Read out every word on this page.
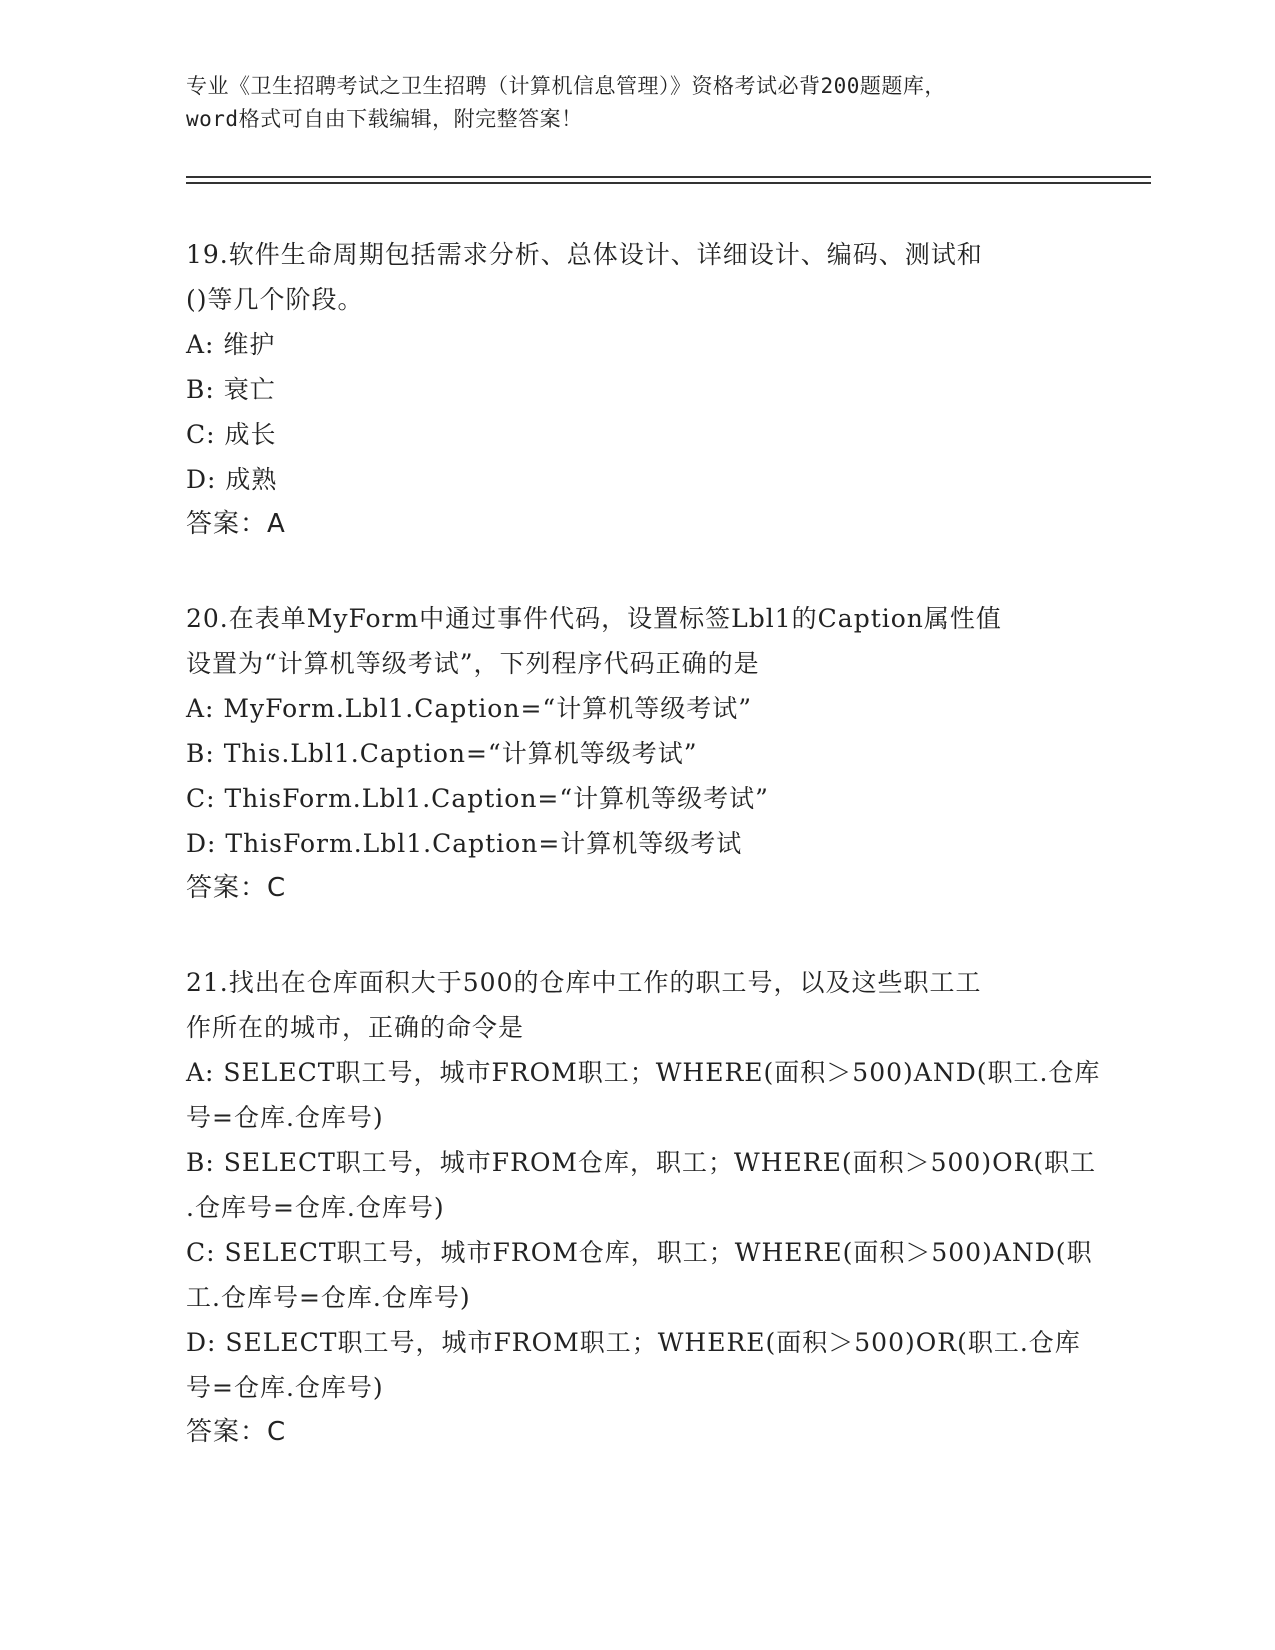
专业《卫生招聘考试之卫生招聘（计算机信息管理）》资格考试必背200题题库，
word格式可自由下载编辑，附完整答案！
19.软件生命周期包括需求分析、总体设计、详细设计、编码、测试和
()等几个阶段。
A: 维护
B: 衰亡
C: 成长
D: 成熟
答案：A
20.在表单MyForm中通过事件代码，设置标签Lbl1的Caption属性值
设置为“计算机等级考试”，下列程序代码正确的是
A: MyForm.Lbl1.Caption=“计算机等级考试”
B: This.Lbl1.Caption=“计算机等级考试”
C: ThisForm.Lbl1.Caption=“计算机等级考试”
D: ThisForm.Lbl1.Caption=计算机等级考试
答案：C
21.找出在仓库面积大于500的仓库中工作的职工号，以及这些职工工
作所在的城市，正确的命令是
A: SELECT职工号，城市FROM职工；WHERE(面积＞500)AND(职工.仓库
号=仓库.仓库号)
B: SELECT职工号，城市FROM仓库，职工；WHERE(面积＞500)OR(职工
.仓库号=仓库.仓库号)
C: SELECT职工号，城市FROM仓库，职工；WHERE(面积＞500)AND(职
工.仓库号=仓库.仓库号)
D: SELECT职工号，城市FROM职工；WHERE(面积＞500)OR(职工.仓库
号=仓库.仓库号)
答案：C
